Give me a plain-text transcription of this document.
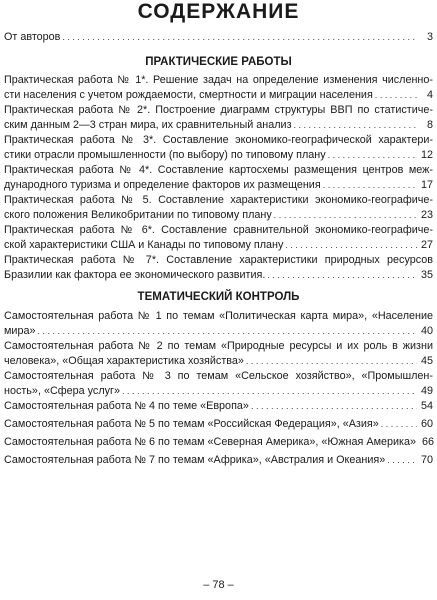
СОДЕРЖАНИЕ
От авторов . . .	3
ПРАКТИЧЕСКИЕ РАБОТЫ
Практическая работа № 1*. Решение задач на определение изменения численно-
сти населения с учетом рождаемости, смертности и миграции населения . . .	4
Практическая работа № 2*. Построение диаграмм структуры ВВП по статистиче-
ским данным 2—3 стран мира, их сравнительный анализ . . .	8
Практическая работа № 3*. Составление экономико-географической характери-
стики отрасли промышленности (по выбору) по типовому плану . . .	12
Практическая работа № 4*. Составление картосхемы размещения центров меж-
дународного туризма и определение факторов их размещения . . .	17
Практическая работа № 5. Составление характеристики экономико-географиче-
ского положения Великобритании по типовому плану . . .	23
Практическая работа № 6*. Составление сравнительной экономико-географиче-
ской характеристики США и Канады по типовому плану . . .	27
Практическая работа № 7*. Составление характеристики природных ресурсов
Бразилии как фактора ее экономического развития. . . .	35
ТЕМАТИЧЕСКИЙ КОНТРОЛЬ
Самостоятельная работа № 1 по темам «Политическая карта мира», «Население
мира» . . .	40
Самостоятельная работа № 2 по темам «Природные ресурсы и их роль в жизни
человека», «Общая характеристика хозяйства» . . .	45
Самостоятельная работа № 3 по темам «Сельское хозяйство», «Промышлен-
ность», «Сфера услуг» . . .	49
Самостоятельная работа № 4 по теме «Европа» . . .	54
Самостоятельная работа № 5 по темам «Российская Федерация», «Азия» . . .	60
Самостоятельная работа № 6 по темам «Северная Америка», «Южная Америка» 66
Самостоятельная работа № 7 по темам «Африка», «Австралия и Океания» . . .	70
– 78 –
